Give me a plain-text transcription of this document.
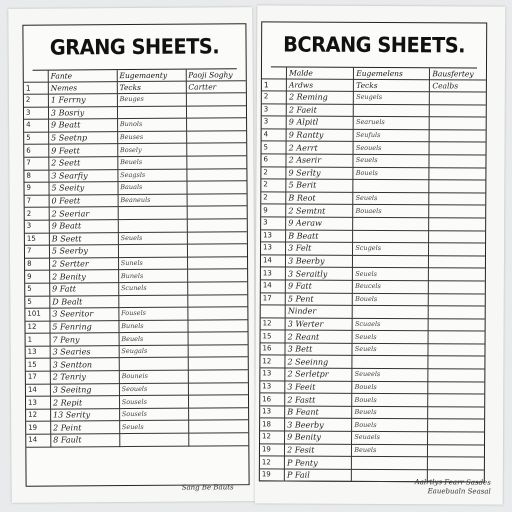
GRANG SHEETS.
	Fante	Eugemaenty	Paoji Soghy
1	Nemes	Tecks	Cartter
2	1 Ferrny	Beuges	
3	3 Bosriy		
4	9 Beatt	Bunols	
5	5 Seetnp	Beuses	
6	9 Feett	Bosely	
7	2 Seett	Beuels	
8	3 Searfiy	Seagsls	
9	5 Seeity	Bauals	
7	0 Feett	Beaneuls	
2	2 Seeriar		
3	9 Beatt		
15	B Seett	Seuels	
7	5 Seerby		
8	2 Sertter	Sunels	
9	2 Benity	Bunels	
5	9 Fatt	Scunels	
5	D Bealt		
101	3 Seeritor	Fousels	
12	5 Fenring	Bunels	
1	7 Peny	Beuels	
13	3 Searies	Seugals	
15	3 Sentton		
17	2 Tenriy	Bouneis	
14	3 Seeitng	Seouels	
13	2 Repit	Sousels	
12	13 Serity	Sousels	
19	2 Peint	Seuels	
14	8 Fault		
Sang Be Bauts
BCRANG SHEETS.
	Malde	Eugemelens	Bausfertey
1	Ardws	Tecks	Cealbs
2	2 Reming	Seugels	
3	2 Faeit		
3	9 Alpitl	Searuels	
4	9 Rantty	Seufuls	
5	2 Aerrt	Seouels	
6	2 Aserir	Seuels	
2	9 Serlty	Bouels	
2	5 Berit		
2	B Reot	Seuels	
9	2 Semtnt	Bouaels	
3	9 Aeraw		
13	B Beatt		
13	3 Felt	Scugels	
14	3 Beerby		
13	3 Seraitly	Seuels	
14	9 Fatt	Beucels	
17	5 Pent	Bouels	
	Ninder		
12	3 Werter	Scuaels	
15	2 Reant	Seuels	
16	3 Bett	Seuels	
12	2 Seeinng		
13	2 Serletpr	Seueels	
13	3 Feeit	Bouels	
16	2 Fastt	Bouels	
13	B Feant	Beuels	
18	3 Beerby	Bouels	
12	9 Benity	Seuaels	
19	2 Fesit	Beuels	
12	P Penty		
19	P Fail		
Aalrtlys Fearr Sasdes
Eauebualn Seasal
